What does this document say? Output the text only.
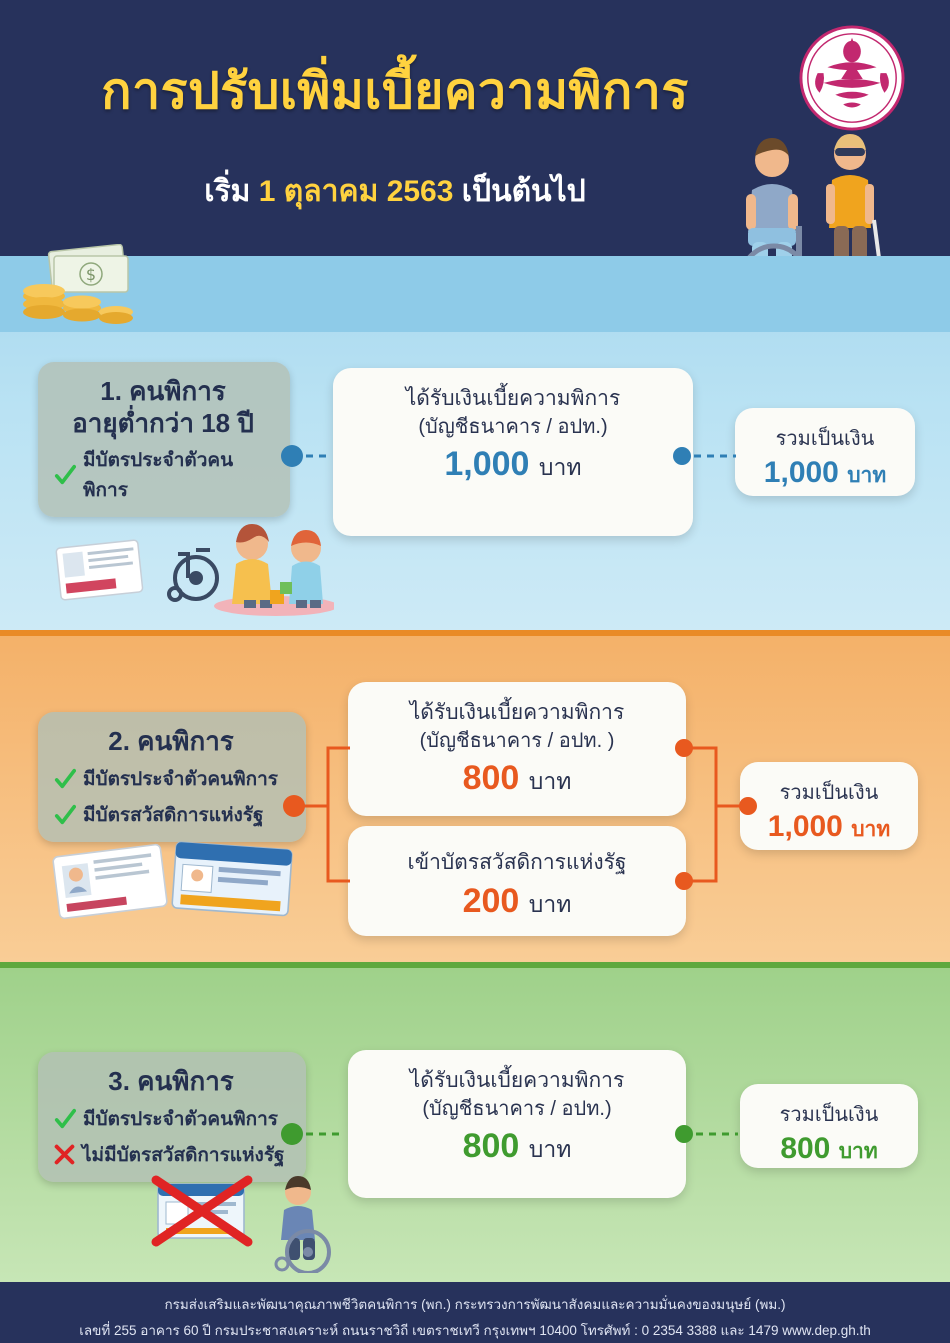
การปรับเพิ่มเบี้ยความพิการ
เริ่ม 1 ตุลาคม 2563 เป็นต้นไป
$
1. คนพิการ
อายุต่ำกว่า 18 ปี
มีบัตรประจำตัวคนพิการ
ได้รับเงินเบี้ยความพิการ
(บัญชีธนาคาร / อปท.)
1,000 บาท
รวมเป็นเงิน
1,000 บาท
2. คนพิการ
มีบัตรประจำตัวคนพิการ
มีบัตรสวัสดิการแห่งรัฐ
ได้รับเงินเบี้ยความพิการ
(บัญชีธนาคาร / อปท. )
800 บาท
เข้าบัตรสวัสดิการแห่งรัฐ
200 บาท
รวมเป็นเงิน
1,000 บาท
3. คนพิการ
มีบัตรประจำตัวคนพิการ
ไม่มีบัตรสวัสดิการแห่งรัฐ
ได้รับเงินเบี้ยความพิการ
(บัญชีธนาคาร / อปท.)
800 บาท
รวมเป็นเงิน
800 บาท
กรมส่งเสริมและพัฒนาคุณภาพชีวิตคนพิการ (พก.) กระทรวงการพัฒนาสังคมและความมั่นคงของมนุษย์ (พม.)
เลขที่ 255 อาคาร 60 ปี กรมประชาสงเคราะห์ ถนนราชวิถี เขตราชเทวี กรุงเทพฯ 10400 โทรศัพท์ : 0 2354 3388 และ 1479 www.dep.gh.th
